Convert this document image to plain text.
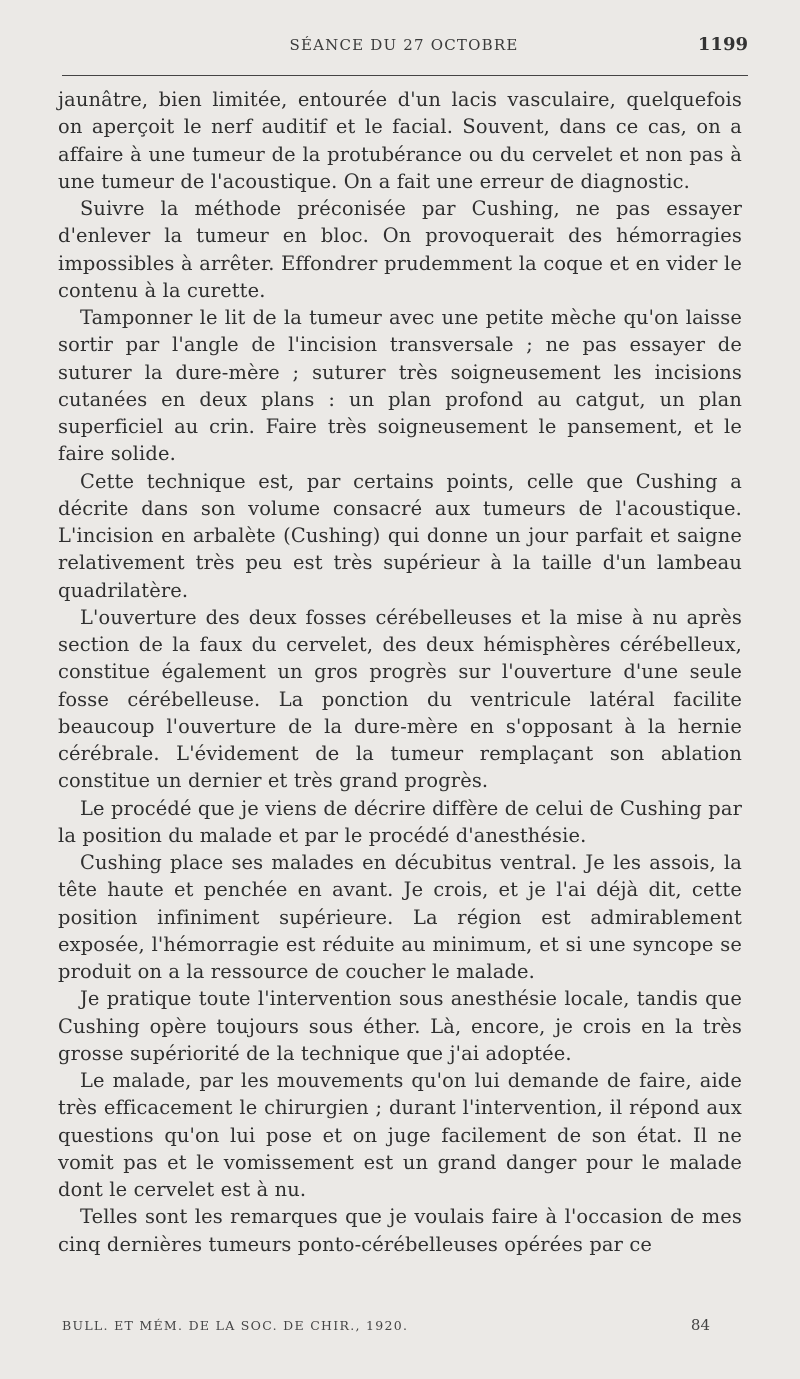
SÉANCE DU 27 OCTOBRE	1199

jaunâtre, bien limitée, entourée d'un lacis vasculaire, quelquefois on aperçoit le nerf auditif et le facial. Souvent, dans ce cas, on a affaire à une tumeur de la protubérance ou du cervelet et non pas à une tumeur de l'acoustique. On a fait une erreur de diagnostic.

Suivre la méthode préconisée par Cushing, ne pas essayer d'enlever la tumeur en bloc. On provoquerait des hémorragies impossibles à arrêter. Effondrer prudemment la coque et en vider le contenu à la curette.

Tamponner le lit de la tumeur avec une petite mèche qu'on laisse sortir par l'angle de l'incision transversale ; ne pas essayer de suturer la dure-mère ; suturer très soigneusement les incisions cutanées en deux plans : un plan profond au catgut, un plan superficiel au crin. Faire très soigneusement le pansement, et le faire solide.

Cette technique est, par certains points, celle que Cushing a décrite dans son volume consacré aux tumeurs de l'acoustique. L'incision en arbalète (Cushing) qui donne un jour parfait et saigne relativement très peu est très supérieur à la taille d'un lambeau quadrilatère.

L'ouverture des deux fosses cérébelleuses et la mise à nu après section de la faux du cervelet, des deux hémisphères cérébelleux, constitue également un gros progrès sur l'ouverture d'une seule fosse cérébelleuse. La ponction du ventricule latéral facilite beaucoup l'ouverture de la dure-mère en s'opposant à la hernie cérébrale. L'évidement de la tumeur remplaçant son ablation constitue un dernier et très grand progrès.

Le procédé que je viens de décrire diffère de celui de Cushing par la position du malade et par le procédé d'anesthésie.

Cushing place ses malades en décubitus ventral. Je les assois, la tête haute et penchée en avant. Je crois, et je l'ai déjà dit, cette position infiniment supérieure. La région est admirablement exposée, l'hémorragie est réduite au minimum, et si une syncope se produit on a la ressource de coucher le malade.

Je pratique toute l'intervention sous anesthésie locale, tandis que Cushing opère toujours sous éther. Là, encore, je crois en la très grosse supériorité de la technique que j'ai adoptée.

Le malade, par les mouvements qu'on lui demande de faire, aide très efficacement le chirurgien ; durant l'intervention, il répond aux questions qu'on lui pose et on juge facilement de son état. Il ne vomit pas et le vomissement est un grand danger pour le malade dont le cervelet est à nu.

Telles sont les remarques que je voulais faire à l'occasion de mes cinq dernières tumeurs ponto-cérébelleuses opérées par ce

BULL. ET MÉM. DE LA SOC. DE CHIR., 1920.	84
